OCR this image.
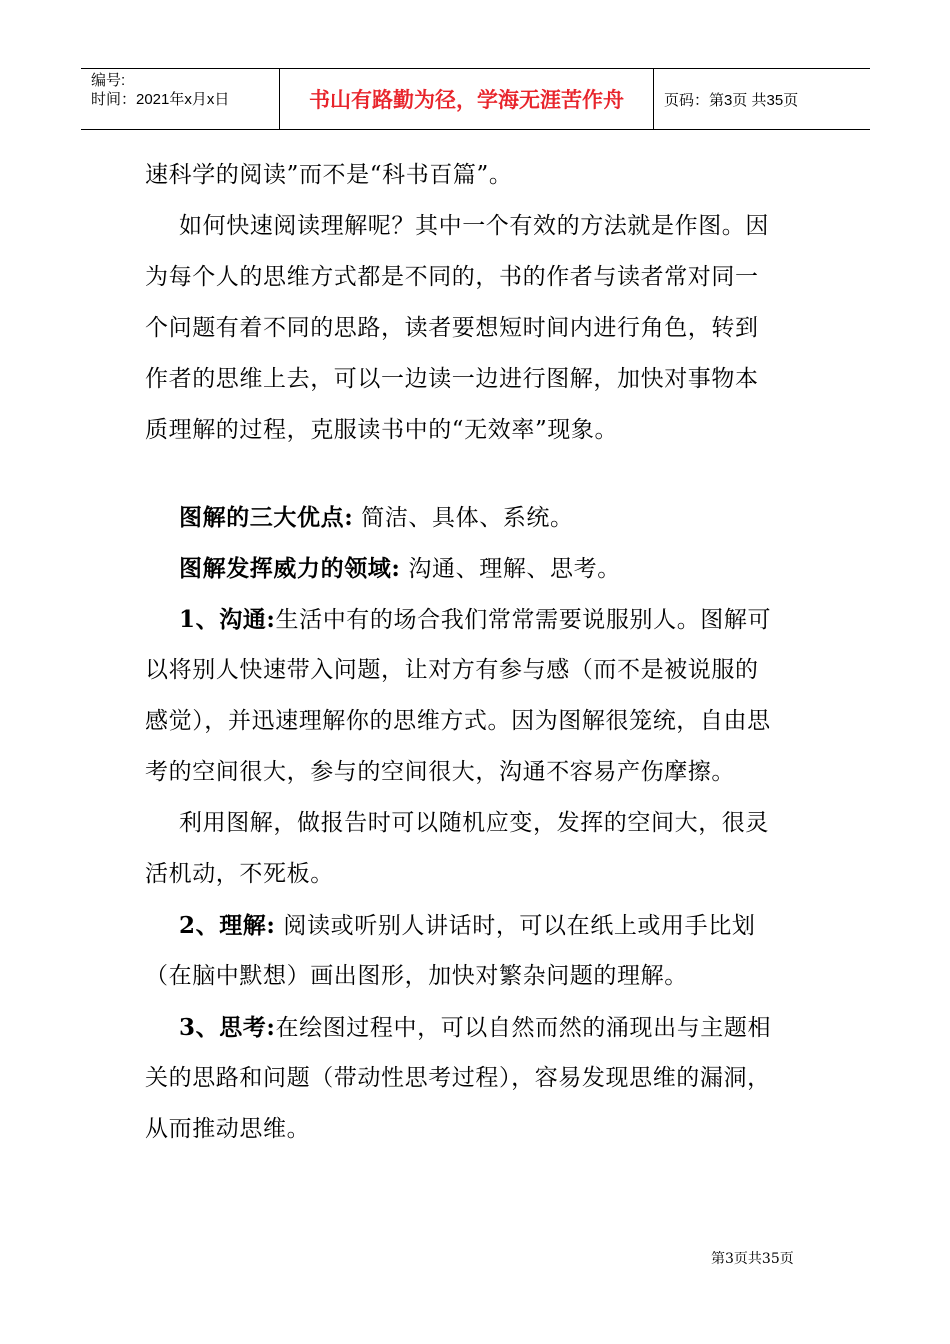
编号:
时间：2021年x月x日	书山有路勤为径，学海无涯苦作舟	页码：第3页 共35页
速科学的阅读”而不是“科书百篇”。
如何快速阅读理解呢？其中一个有效的方法就是作图。因
为每个人的思维方式都是不同的，书的作者与读者常对同一
个问题有着不同的思路，读者要想短时间内进行角色，转到
作者的思维上去，可以一边读一边进行图解，加快对事物本
质理解的过程，克服读书中的“无效率”现象。
图解的三大优点: 简洁、具体、系统。
图解发挥威力的领域: 沟通、理解、思考。
1、沟通:生活中有的场合我们常常需要说服别人。图解可
以将别人快速带入问题，让对方有参与感（而不是被说服的
感觉），并迅速理解你的思维方式。因为图解很笼统，自由思
考的空间很大，参与的空间很大，沟通不容易产伤摩擦。
利用图解，做报告时可以随机应变，发挥的空间大，很灵
活机动，不死板。
2、理解: 阅读或听别人讲话时，可以在纸上或用手比划
（在脑中默想）画出图形，加快对繁杂问题的理解。
3、思考:在绘图过程中，可以自然而然的涌现出与主题相
关的思路和问题（带动性思考过程），容易发现思维的漏洞，
从而推动思维。
第3页共35页
